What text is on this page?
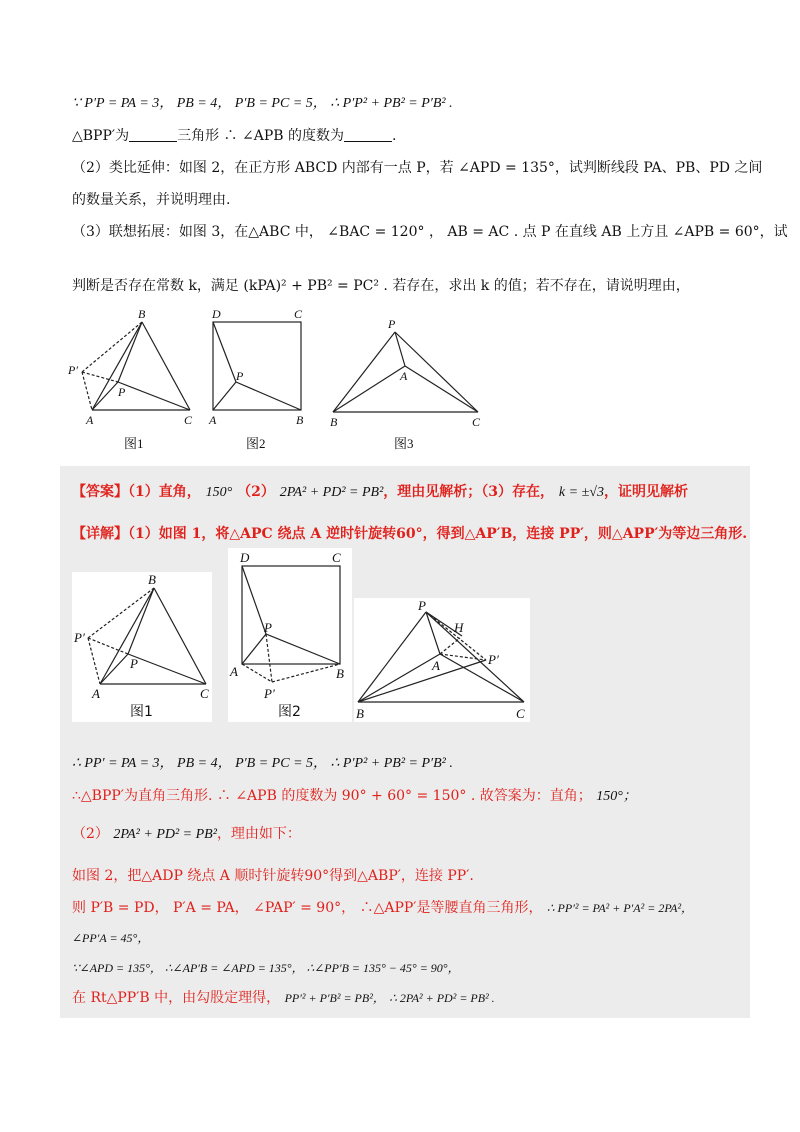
∵ P′P = PA = 3， PB = 4， P′B = PC = 5， ∴ P′P² + PB² = P′B² .
△BPP′为	三角形 ∴ ∠APB 的度数为	.
（2）类比延伸：如图 2，在正方形 ABCD 内部有一点 P，若 ∠APD = 135°，试判断线段 PA、PB、PD 之间
的数量关系，并说明理由.
（3）联想拓展：如图 3，在△ABC 中， ∠BAC = 120° ， AB = AC . 点 P 在直线 AB 上方且 ∠APB = 60°，试
判断是否存在常数 k，满足 (kPA)² + PB² = PC² . 若存在，求出 k 的值；若不存在，请说明理由，
B
P′
P
A	C
D	C
P
A	B
P
A
B	C
图1	图2	图3
【答案】（1）直角， 150° （2） 2PA² + PD² = PB²，理由见解析；（3）存在， k = ±√3，证明见解析
【详解】（1）如图 1，将△APC 绕点 A 逆时针旋转60°，得到△AP′B，连接 PP′，则△APP′为等边三角形.
B
P′
P
A	C
图1
D	C
P
A	B
P′
图2
P
H
A	P′
B	C
∴ PP′ = PA = 3， PB = 4， P′B = PC = 5， ∴ P′P² + PB² = P′B² .
∴△BPP′为直角三角形. ∴ ∠APB 的度数为 90° + 60° = 150° . 故答案为：直角； 150°；
（2） 2PA² + PD² = PB²，理由如下：
如图 2，把△ADP 绕点 A 顺时针旋转90°得到△ABP′，连接 PP′.
则 P′B = PD， P′A = PA， ∠PAP′ = 90°， ∴△APP′是等腰直角三角形， ∴ PP′² = PA² + P′A² = 2PA²，
∠PP′A = 45°，
∵∠APD = 135°， ∴∠AP′B = ∠APD = 135°， ∴∠PP′B = 135° − 45° = 90°，
在 Rt△PP′B 中，由勾股定理得， PP′² + P′B² = PB²， ∴ 2PA² + PD² = PB² .
